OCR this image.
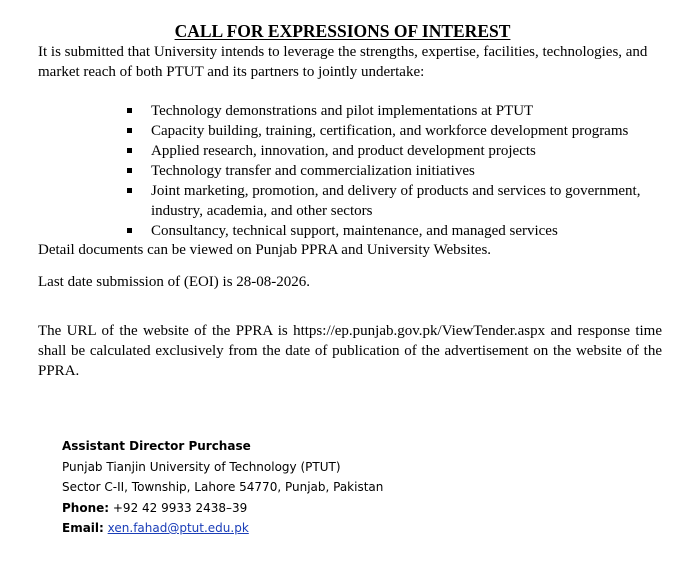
CALL FOR EXPRESSIONS OF INTEREST

It is submitted that University intends to leverage the strengths, expertise, facilities, technologies, and market reach of both PTUT and its partners to jointly undertake:

Technology demonstrations and pilot implementations at PTUT
Capacity building, training, certification, and workforce development programs
Applied research, innovation, and product development projects
Technology transfer and commercialization initiatives
Joint marketing, promotion, and delivery of products and services to government, industry, academia, and other sectors
Consultancy, technical support, maintenance, and managed services

Detail documents can be viewed on Punjab PPRA and University Websites.

Last date submission of (EOI) is 28-08-2026.

The URL of the website of the PPRA is https://ep.punjab.gov.pk/ViewTender.aspx and response time shall be calculated exclusively from the date of publication of the advertisement on the website of the PPRA.

Assistant Director Purchase
Punjab Tianjin University of Technology (PTUT)
Sector C-II, Township, Lahore 54770, Punjab, Pakistan
Phone: +92 42 9933 2438–39
Email: xen.fahad@ptut.edu.pk
